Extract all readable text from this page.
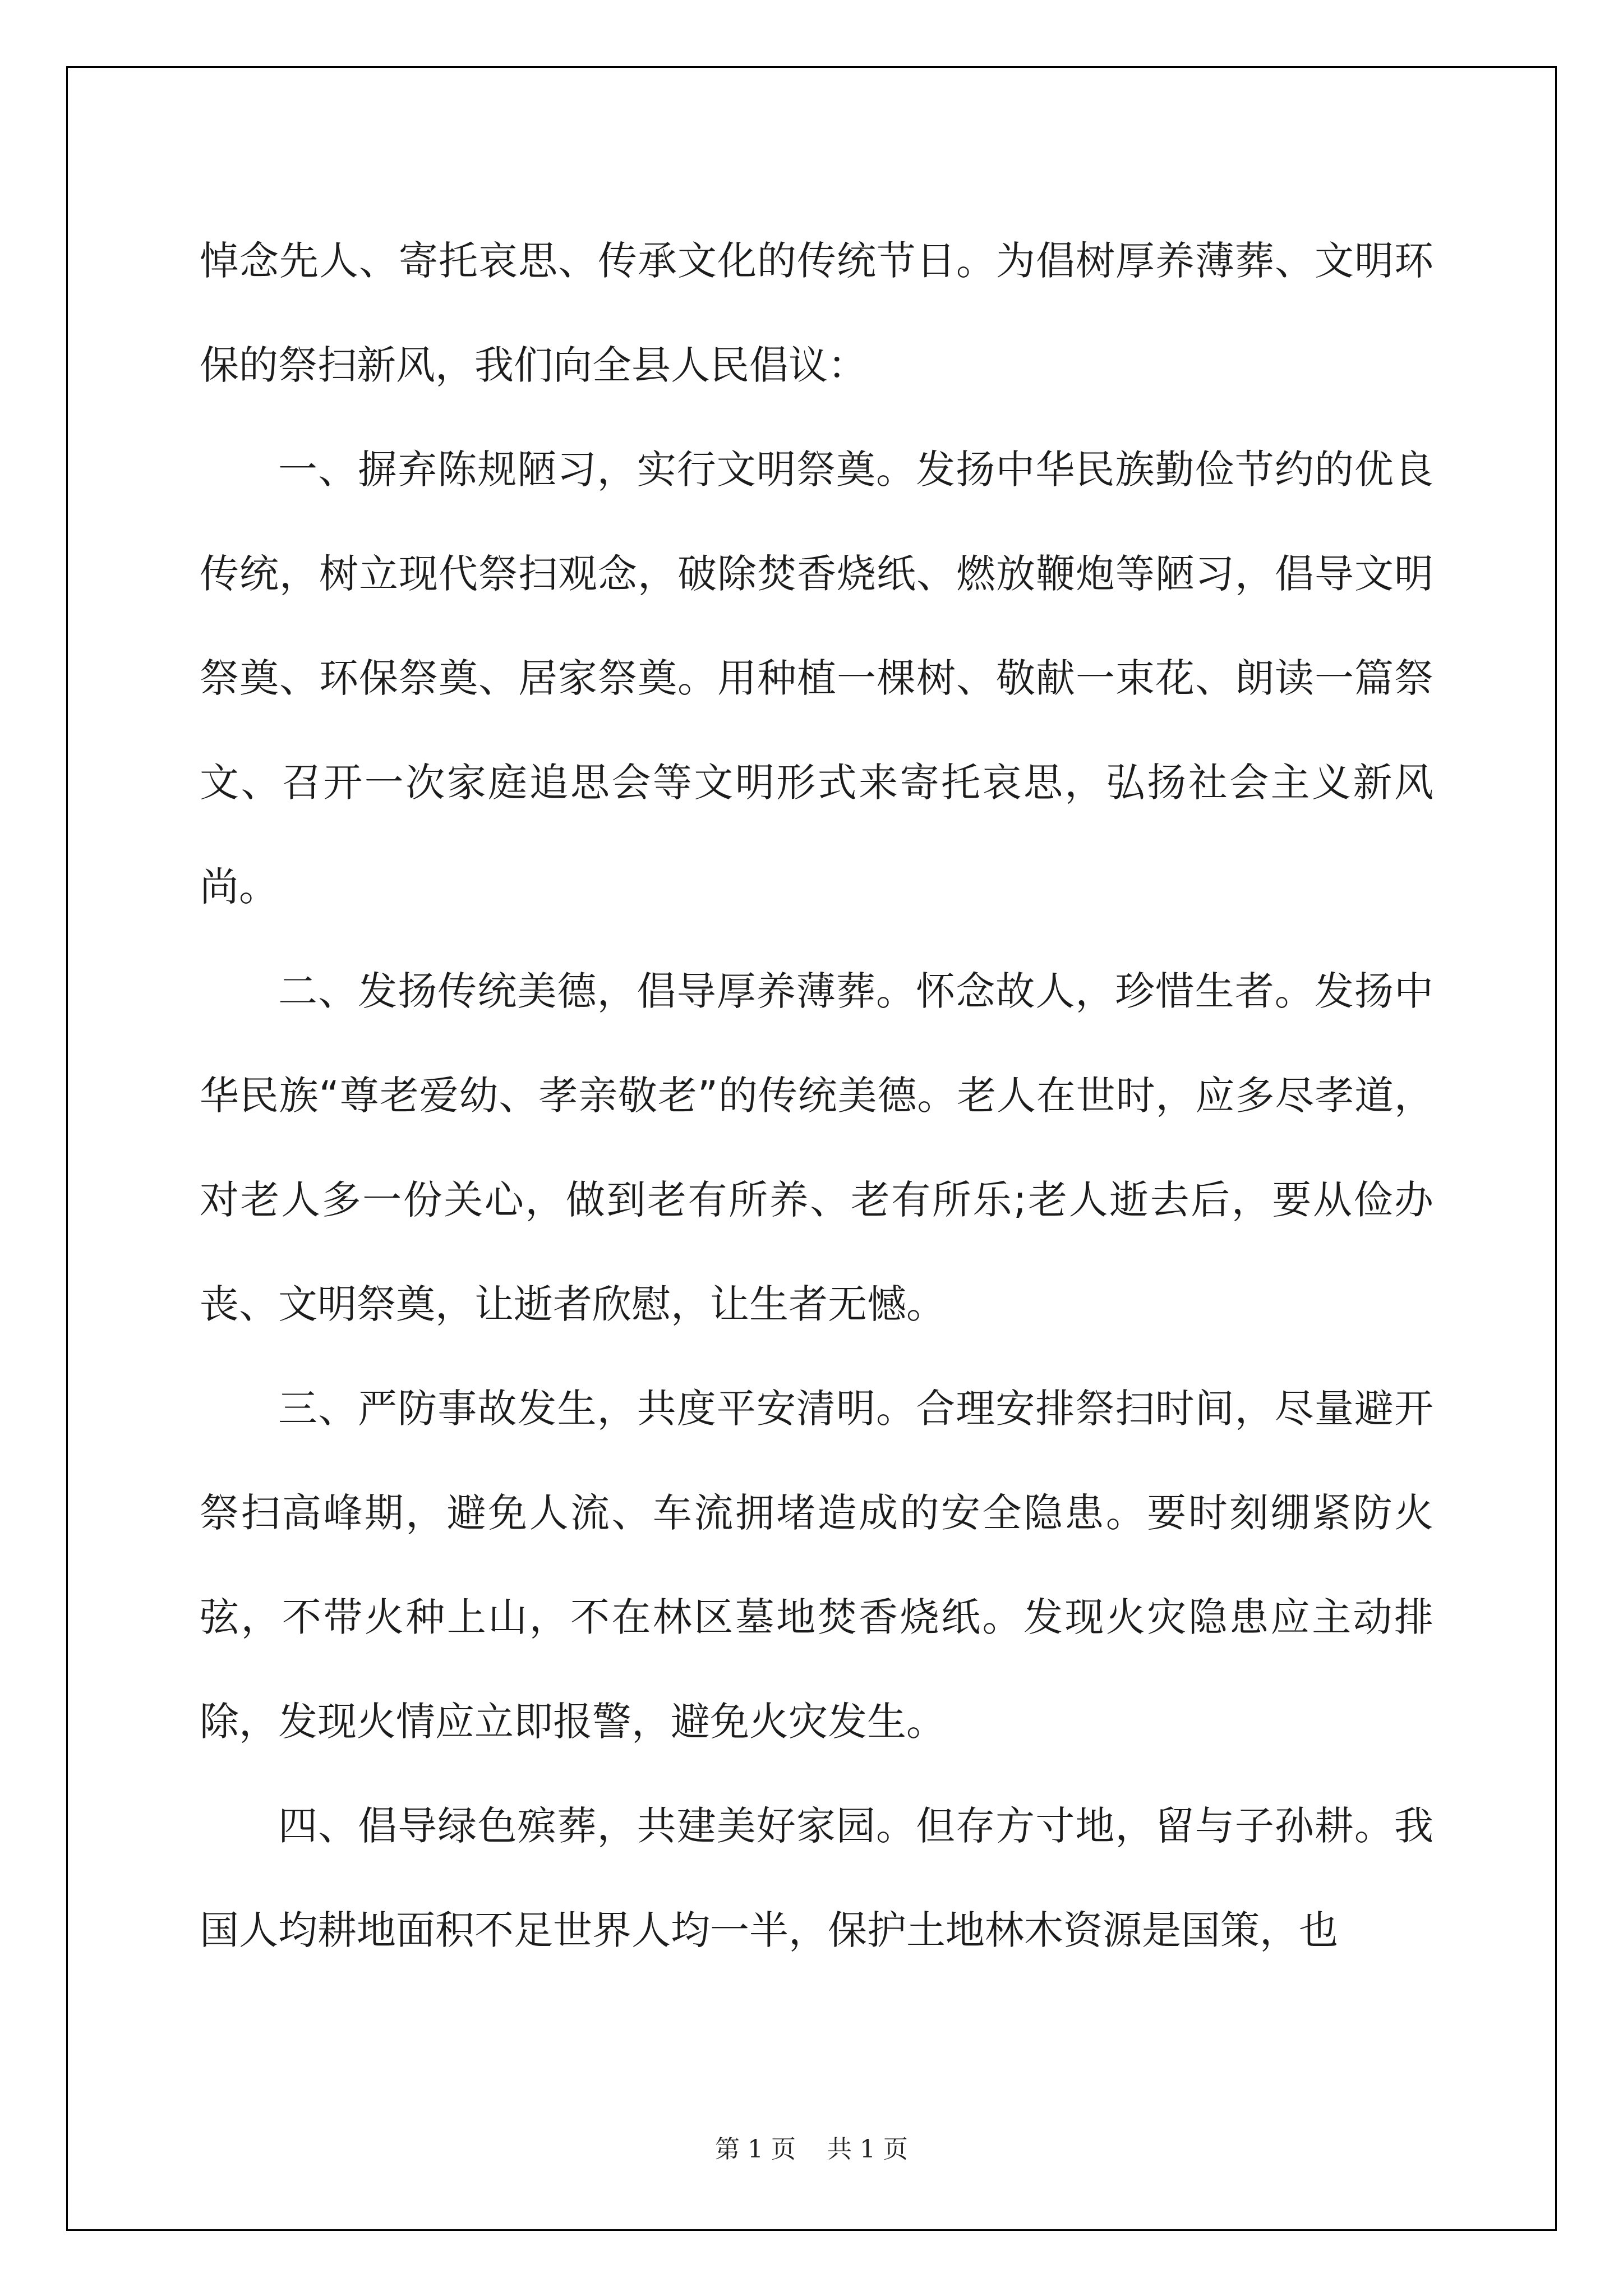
悼念先人、寄托哀思、传承文化的传统节日。为倡树厚养薄葬、文明环保的祭扫新风，我们向全县人民倡议：

一、摒弃陈规陋习，实行文明祭奠。发扬中华民族勤俭节约的优良传统，树立现代祭扫观念，破除焚香烧纸、燃放鞭炮等陋习，倡导文明祭奠、环保祭奠、居家祭奠。用种植一棵树、敬献一束花、朗读一篇祭文、召开一次家庭追思会等文明形式来寄托哀思，弘扬社会主义新风尚。

二、发扬传统美德，倡导厚养薄葬。怀念故人，珍惜生者。发扬中华民族“尊老爱幼、孝亲敬老”的传统美德。老人在世时，应多尽孝道，对老人多一份关心，做到老有所养、老有所乐;老人逝去后，要从俭办丧、文明祭奠，让逝者欣慰，让生者无憾。

三、严防事故发生，共度平安清明。合理安排祭扫时间，尽量避开祭扫高峰期，避免人流、车流拥堵造成的安全隐患。要时刻绷紧防火弦，不带火种上山，不在林区墓地焚香烧纸。发现火灾隐患应主动排除，发现火情应立即报警，避免火灾发生。

四、倡导绿色殡葬，共建美好家园。但存方寸地，留与子孙耕。我国人均耕地面积不足世界人均一半，保护土地林木资源是国策，也

第 1 页    共 1 页
